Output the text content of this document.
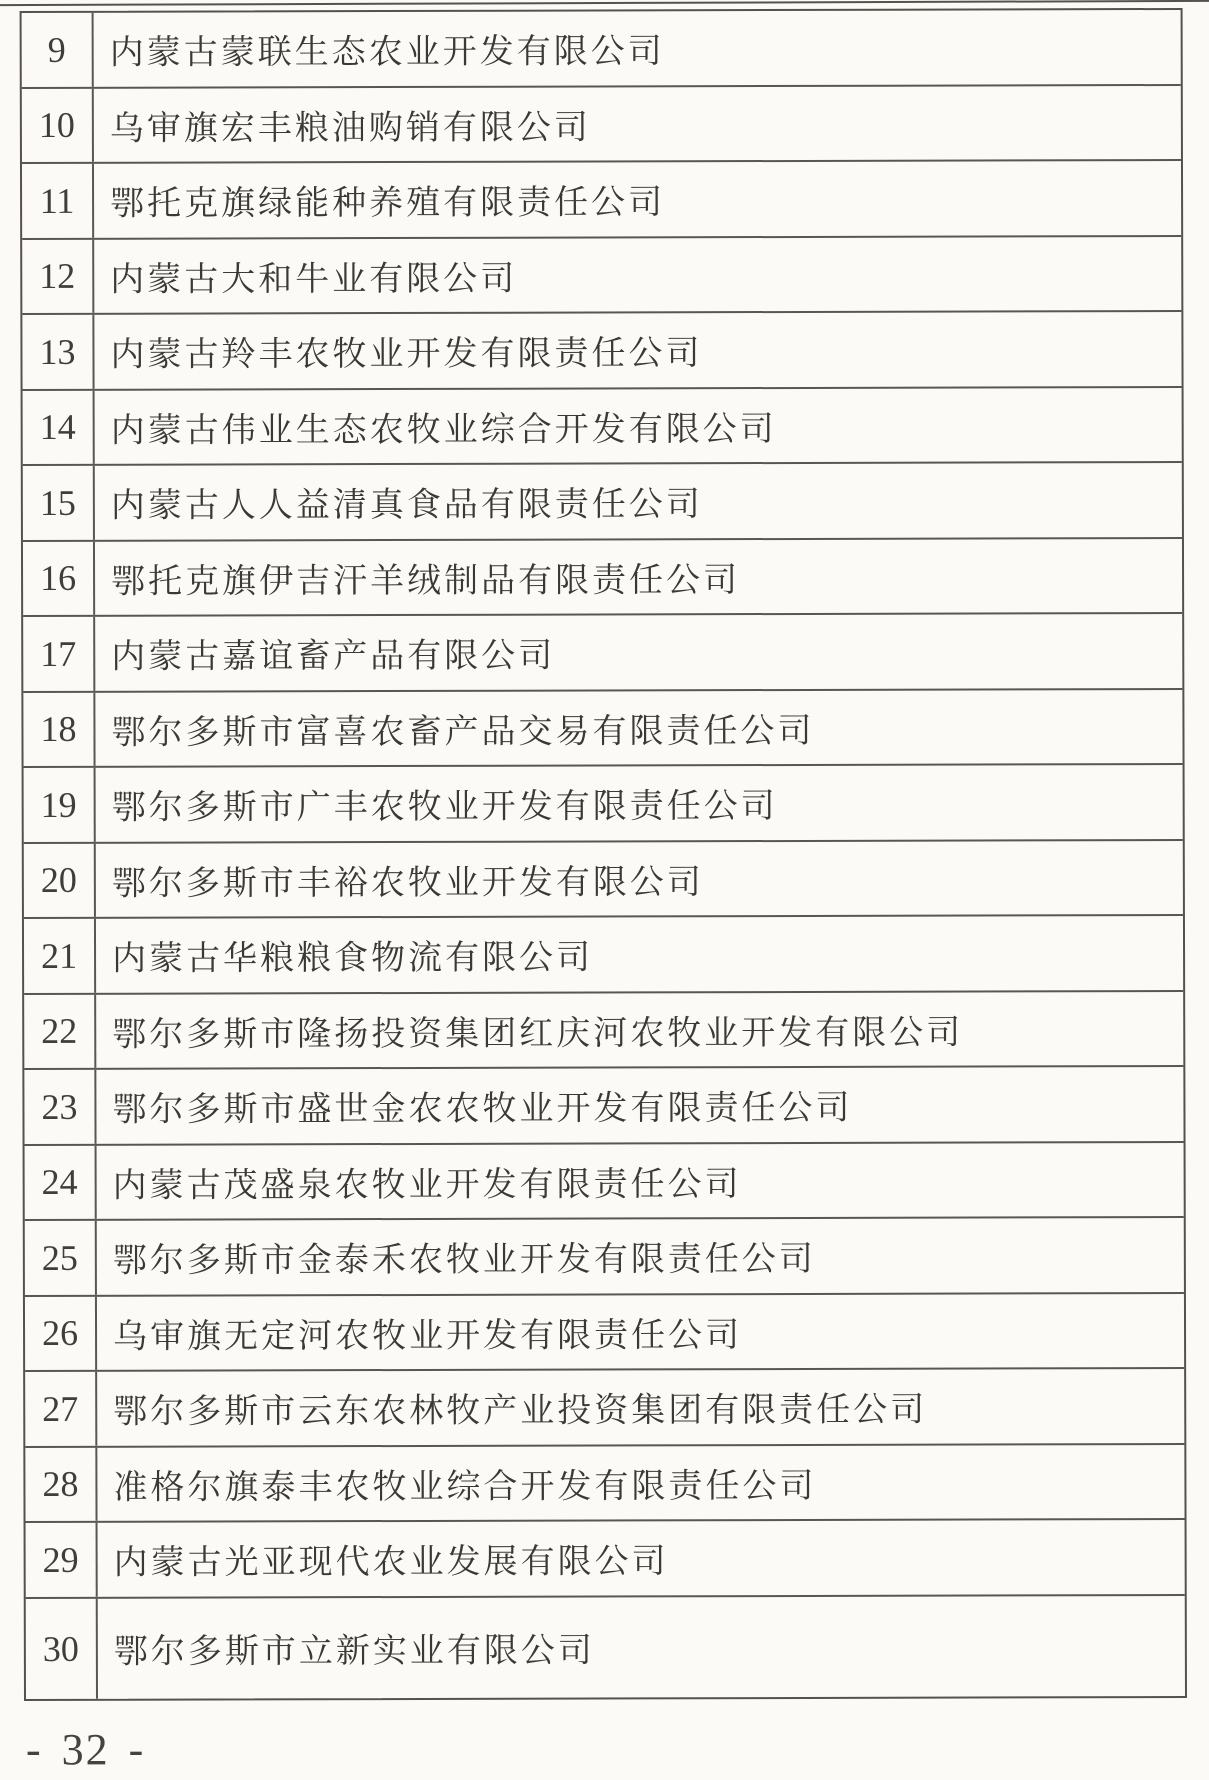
9	内蒙古蒙联生态农业开发有限公司
10	乌审旗宏丰粮油购销有限公司
11	鄂托克旗绿能种养殖有限责任公司
12	内蒙古大和牛业有限公司
13	内蒙古羚丰农牧业开发有限责任公司
14	内蒙古伟业生态农牧业综合开发有限公司
15	内蒙古人人益清真食品有限责任公司
16	鄂托克旗伊吉汗羊绒制品有限责任公司
17	内蒙古嘉谊畜产品有限公司
18	鄂尔多斯市富喜农畜产品交易有限责任公司
19	鄂尔多斯市广丰农牧业开发有限责任公司
20	鄂尔多斯市丰裕农牧业开发有限公司
21	内蒙古华粮粮食物流有限公司
22	鄂尔多斯市隆扬投资集团红庆河农牧业开发有限公司
23	鄂尔多斯市盛世金农农牧业开发有限责任公司
24	内蒙古茂盛泉农牧业开发有限责任公司
25	鄂尔多斯市金泰禾农牧业开发有限责任公司
26	乌审旗无定河农牧业开发有限责任公司
27	鄂尔多斯市云东农林牧产业投资集团有限责任公司
28	准格尔旗泰丰农牧业综合开发有限责任公司
29	内蒙古光亚现代农业发展有限公司
30	鄂尔多斯市立新实业有限公司
- 32 -
